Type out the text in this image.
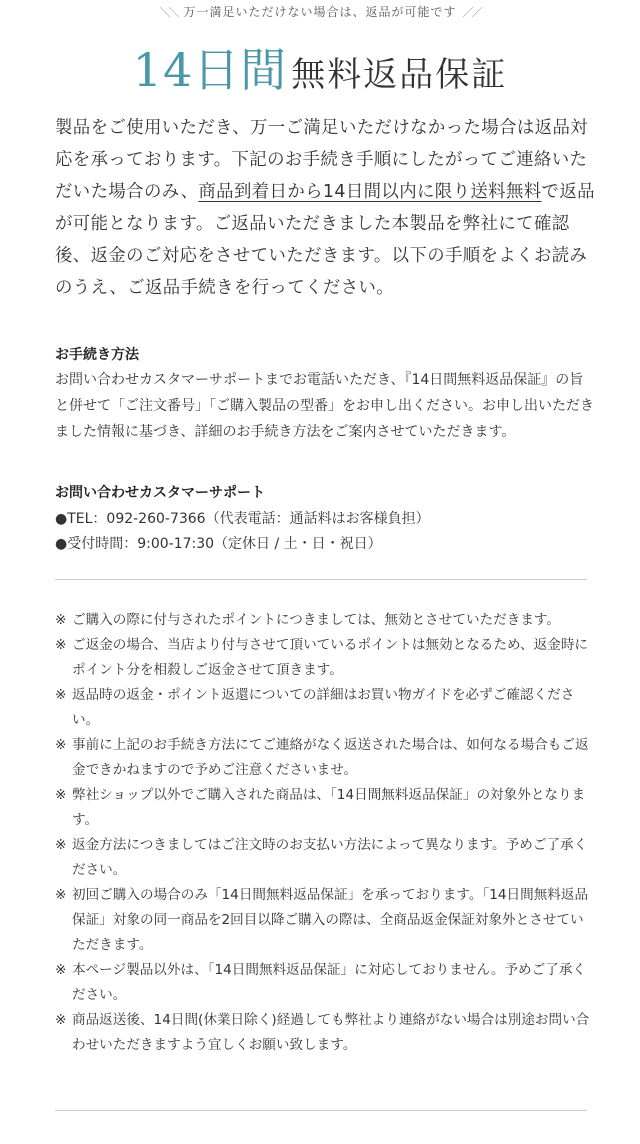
＼＼ 万一満足いただけない場合は、返品が可能です ／／
14日間 無料返品保証

製品をご使用いただき、万一ご満足いただけなかった場合は返品対応を承っております。下記のお手続き手順にしたがってご連絡いただいた場合のみ、商品到着日から14日間以内に限り送料無料で返品が可能となります。ご返品いただきました本製品を弊社にて確認後、返金のご対応をさせていただきます。以下の手順をよくお読みのうえ、ご返品手続きを行ってください。

お手続き方法

お問い合わせカスタマーサポートまでお電話いただき、『14日間無料返品保証』の旨と併せて「ご注文番号」「ご購入製品の型番」をお申し出ください。お申し出いただきました情報に基づき、詳細のお手続き方法をご案内させていただきます。

お問い合わせカスタマーサポート
●TEL：092-260-7366（代表電話：通話料はお客様負担）
●受付時間：9:00-17:30（定休日 / 土・日・祝日）
※ ご購入の際に付与されたポイントにつきましては、無効とさせていただきます。
※ ご返金の場合、当店より付与させて頂いているポイントは無効となるため、返金時にポイント分を相殺しご返金させて頂きます。
※ 返品時の返金・ポイント返還についての詳細はお買い物ガイドを必ずご確認ください。
※ 事前に上記のお手続き方法にてご連絡がなく返送された場合は、如何なる場合もご返金できかねますので予めご注意くださいませ。
※ 弊社ショップ以外でご購入された商品は、「14日間無料返品保証」の対象外となります。
※ 返金方法につきましてはご注文時のお支払い方法によって異なります。予めご了承ください。
※ 初回ご購入の場合のみ「14日間無料返品保証」を承っております。「14日間無料返品保証」対象の同一商品を2回目以降ご購入の際は、全商品返金保証対象外とさせていただきます。
※ 本ページ製品以外は、「14日間無料返品保証」に対応しておりません。予めご了承ください。
※ 商品返送後、14日間(休業日除く)経過しても弊社より連絡がない場合は別途お問い合わせいただきますよう宜しくお願い致します。
